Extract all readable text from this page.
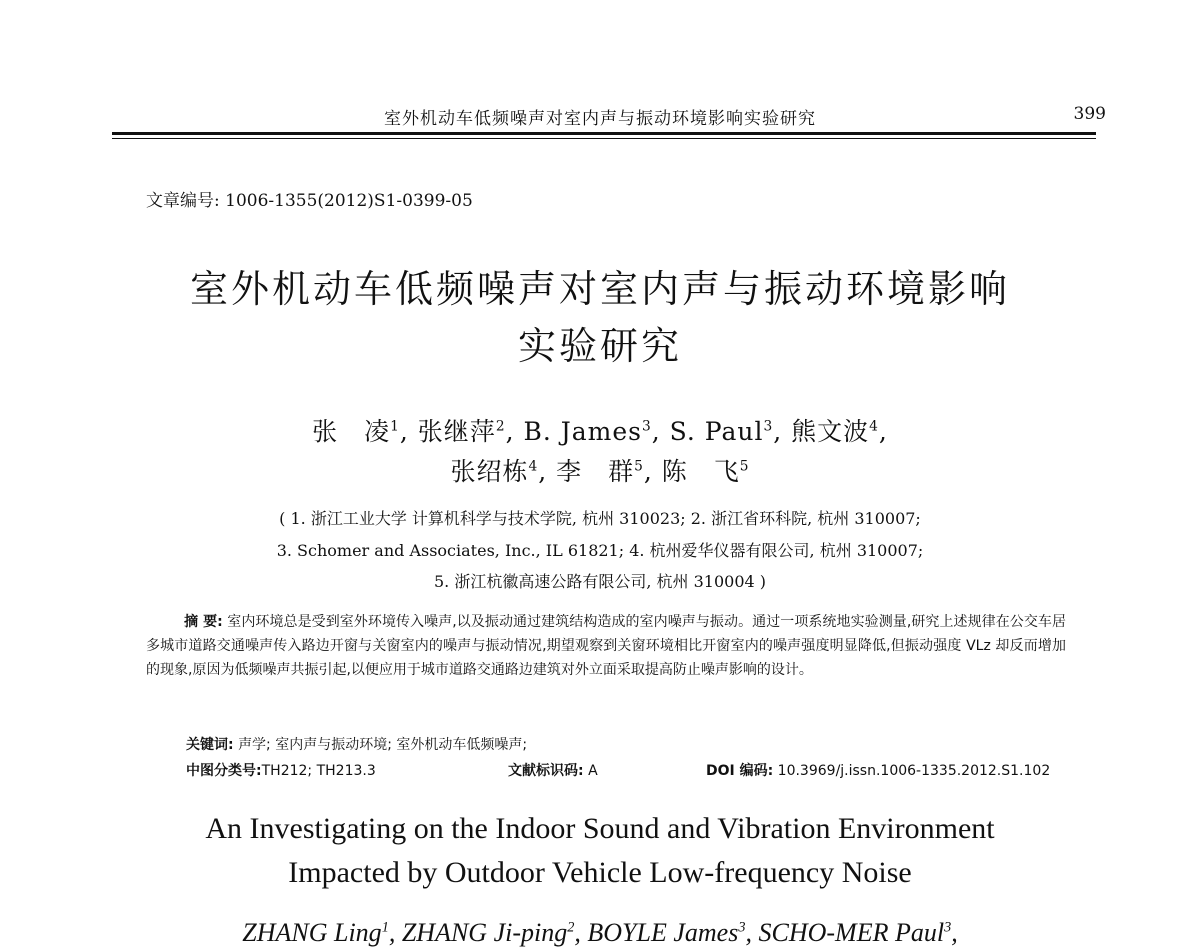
室外机动车低频噪声对室内声与振动环境影响实验研究	399
文章编号: 1006-1355(2012)S1-0399-05
室外机动车低频噪声对室内声与振动环境影响
实验研究
张　凌$^1$, 张继萍$^2$, B. James$^3$, S. Paul$^3$, 熊文波$^4$,
张绍栋$^4$, 李　群$^5$, 陈　飞$^5$
( 1. 浙江工业大学 计算机科学与技术学院, 杭州 310023; 2. 浙江省环科院, 杭州 310007;
3. Schomer and Associates, Inc., IL 61821; 4. 杭州爱华仪器有限公司, 杭州 310007;
5. 浙江杭徽高速公路有限公司, 杭州 310004 )
摘 要: 室内环境总是受到室外环境传入噪声,以及振动通过建筑结构造成的室内噪声与振动。通过一项系统地实验测量,研究上述规律在公交车居多城市道路交通噪声传入路边开窗与关窗室内的噪声与振动情况,期望观察到关窗环境相比开窗室内的噪声强度明显降低,但振动强度 VLz 却反而增加的现象,原因为低频噪声共振引起,以便应用于城市道路交通路边建筑对外立面采取提高防止噪声影响的设计。
关键词: 声学; 室内声与振动环境; 室外机动车低频噪声;
中图分类号:TH212; TH213.3	文献标识码: A	DOI 编码: 10.3969/j.issn.1006-1335.2012.S1.102
An Investigating on the Indoor Sound and Vibration Environment
Impacted by Outdoor Vehicle Low-frequency Noise
ZHANG Ling$^1$, ZHANG Ji-ping$^2$, BOYLE James$^3$, SCHO-MER Paul$^3$,
